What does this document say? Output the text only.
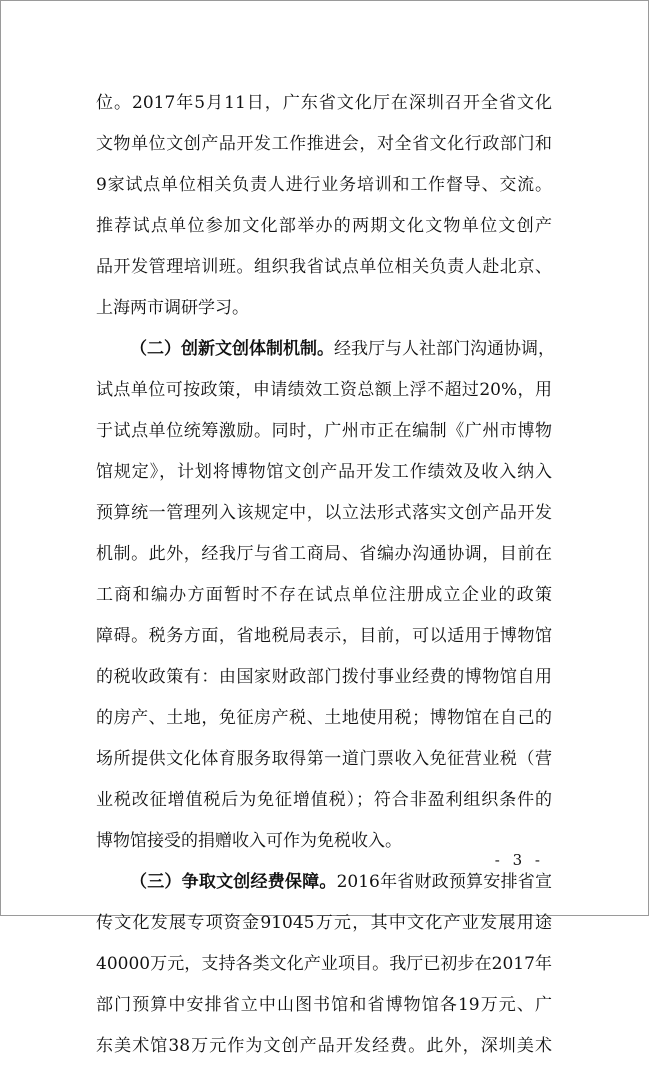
位。2017年5月11日，广东省文化厅在深圳召开全省文化
文物单位文创产品开发工作推进会，对全省文化行政部门和
9家试点单位相关负责人进行业务培训和工作督导、交流。
推荐试点单位参加文化部举办的两期文化文物单位文创产
品开发管理培训班。组织我省试点单位相关负责人赴北京、
上海两市调研学习。
（二）创新文创体制机制。经我厅与人社部门沟通协调，
试点单位可按政策，申请绩效工资总额上浮不超过20%，用
于试点单位统筹激励。同时，广州市正在编制《广州市博物
馆规定》，计划将博物馆文创产品开发工作绩效及收入纳入
预算统一管理列入该规定中，以立法形式落实文创产品开发
机制。此外，经我厅与省工商局、省编办沟通协调，目前在
工商和编办方面暂时不存在试点单位注册成立企业的政策
障碍。税务方面，省地税局表示，目前，可以适用于博物馆
的税收政策有：由国家财政部门拨付事业经费的博物馆自用
的房产、土地，免征房产税、土地使用税；博物馆在自己的
场所提供文化体育服务取得第一道门票收入免征营业税（营
业税改征增值税后为免征增值税）；符合非盈利组织条件的
博物馆接受的捐赠收入可作为免税收入。
（三）争取文创经费保障。2016年省财政预算安排省宣
传文化发展专项资金91045万元，其中文化产业发展用途
40000万元，支持各类文化产业项目。我厅已初步在2017年
部门预算中安排省立中山图书馆和省博物馆各19万元、广
东美术馆38万元作为文创产品开发经费。此外，深圳美术
- 3 -
